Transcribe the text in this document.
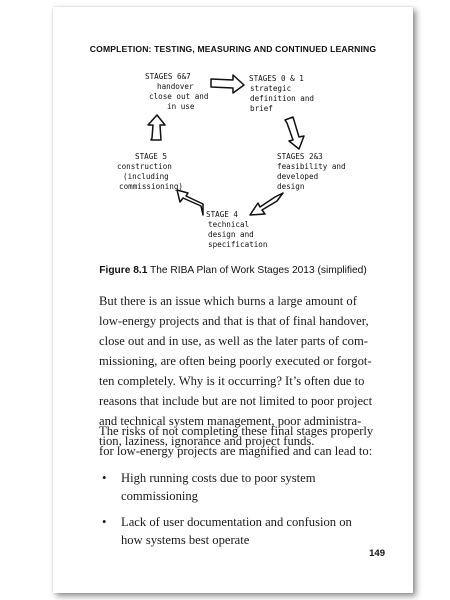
COMPLETION: TESTING, MEASURING AND CONTINUED LEARNING
STAGES 6&7
handover
close out and
in use
STAGES 0 & 1
strategic
definition and
brief
STAGES 2&3
feasibility and
developed
design
STAGE 4
technical
design and
specification
STAGE 5
construction
(including
commissioning)
Figure 8.1 The RIBA Plan of Work Stages 2013 (simplified)
But there is an issue which burns a large amount of
low-energy projects and that is that of final handover,
close out and in use, as well as the later parts of com-
missioning, are often being poorly executed or forgot-
ten completely. Why is it occurring? It’s often due to
reasons that include but are not limited to poor project
and technical system management, poor administra-
tion, laziness, ignorance and project funds.
The risks of not completing these final stages properly
for low-energy projects are magnified and can lead to:
• High running costs due to poor system
commissioning
• Lack of user documentation and confusion on
how systems best operate
149
